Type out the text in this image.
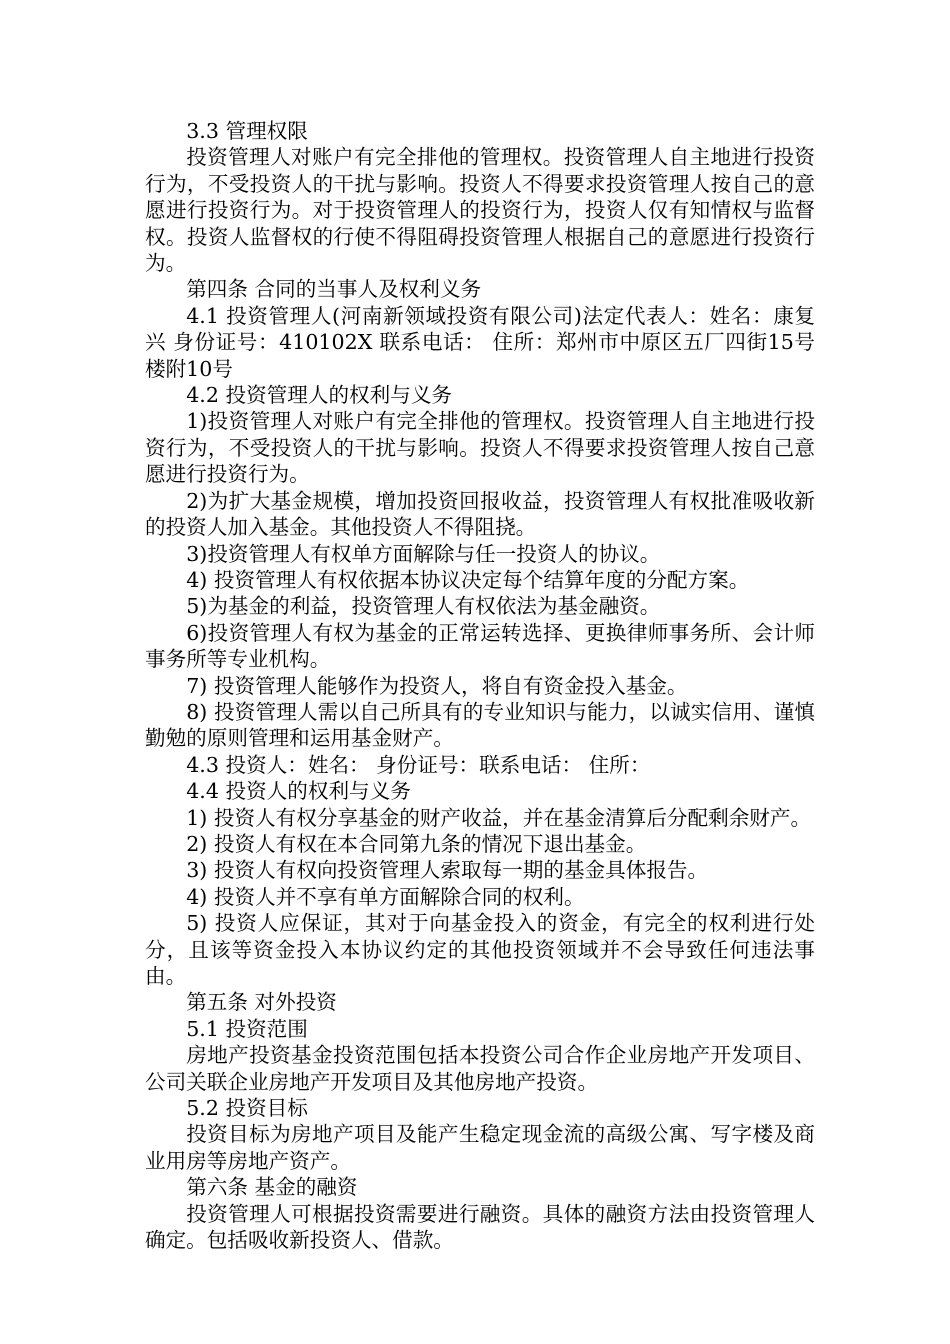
3.3 管理权限

投资管理人对账户有完全排他的管理权。投资管理人自主地进行投资行为，不受投资人的干扰与影响。投资人不得要求投资管理人按自己的意愿进行投资行为。对于投资管理人的投资行为，投资人仅有知情权与监督权。投资人监督权的行使不得阻碍投资管理人根据自己的意愿进行投资行为。

第四条 合同的当事人及权利义务

4.1 投资管理人(河南新领域投资有限公司)法定代表人：姓名：康复兴 身份证号：410102X 联系电话： 住所：郑州市中原区五厂四街15号楼附10号

4.2 投资管理人的权利与义务

1)投资管理人对账户有完全排他的管理权。投资管理人自主地进行投资行为，不受投资人的干扰与影响。投资人不得要求投资管理人按自己意愿进行投资行为。

2)为扩大基金规模，增加投资回报收益，投资管理人有权批准吸收新的投资人加入基金。其他投资人不得阻挠。

3)投资管理人有权单方面解除与任一投资人的协议。

4) 投资管理人有权依据本协议决定每个结算年度的分配方案。

5)为基金的利益，投资管理人有权依法为基金融资。

6)投资管理人有权为基金的正常运转选择、更换律师事务所、会计师事务所等专业机构。

7) 投资管理人能够作为投资人，将自有资金投入基金。

8) 投资管理人需以自己所具有的专业知识与能力，以诚实信用、谨慎勤勉的原则管理和运用基金财产。

4.3 投资人：姓名： 身份证号：联系电话： 住所：

4.4 投资人的权利与义务

1) 投资人有权分享基金的财产收益，并在基金清算后分配剩余财产。

2) 投资人有权在本合同第九条的情况下退出基金。

3) 投资人有权向投资管理人索取每一期的基金具体报告。

4) 投资人并不享有单方面解除合同的权利。

5) 投资人应保证，其对于向基金投入的资金，有完全的权利进行处分，且该等资金投入本协议约定的其他投资领域并不会导致任何违法事由。

第五条 对外投资

5.1 投资范围

房地产投资基金投资范围包括本投资公司合作企业房地产开发项目、公司关联企业房地产开发项目及其他房地产投资。

5.2 投资目标

投资目标为房地产项目及能产生稳定现金流的高级公寓、写字楼及商业用房等房地产资产。

第六条 基金的融资

投资管理人可根据投资需要进行融资。具体的融资方法由投资管理人确定。包括吸收新投资人、借款。
